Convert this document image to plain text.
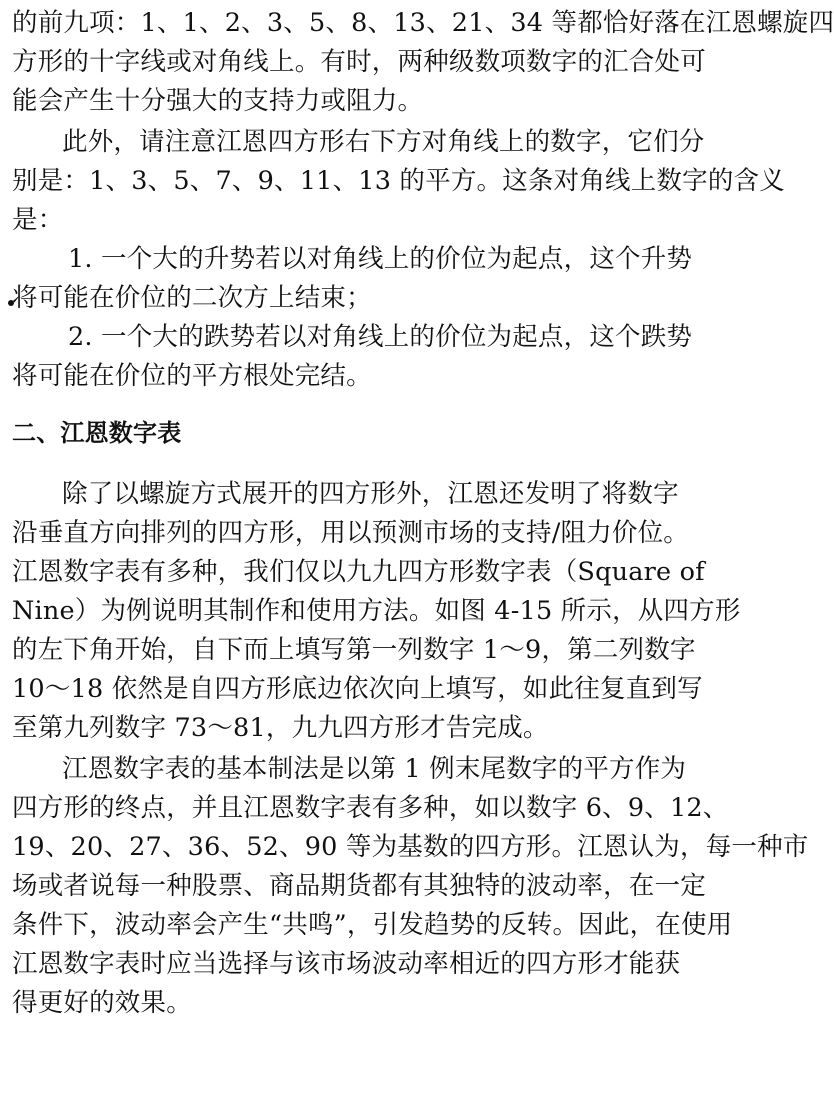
的前九项：1、1、2、3、5、8、13、21、34 等都恰好落在江恩螺旋四
方形的十字线或对角线上。有时，两种级数项数字的汇合处可
能会产生十分强大的支持力或阻力。
此外，请注意江恩四方形右下方对角线上的数字，它们分
别是：1、3、5、7、9、11、13 的平方。这条对角线上数字的含义
是：
1. 一个大的升势若以对角线上的价位为起点，这个升势
将可能在价位的二次方上结束；
2. 一个大的跌势若以对角线上的价位为起点，这个跌势
将可能在价位的平方根处完结。
二、江恩数字表
除了以螺旋方式展开的四方形外，江恩还发明了将数字
沿垂直方向排列的四方形，用以预测市场的支持/阻力价位。
江恩数字表有多种，我们仅以九九四方形数字表（Square of
Nine）为例说明其制作和使用方法。如图 4-15 所示，从四方形
的左下角开始，自下而上填写第一列数字 1～9，第二列数字
10～18 依然是自四方形底边依次向上填写，如此往复直到写
至第九列数字 73～81，九九四方形才告完成。
江恩数字表的基本制法是以第 1 例末尾数字的平方作为
四方形的终点，并且江恩数字表有多种，如以数字 6、9、12、
19、20、27、36、52、90 等为基数的四方形。江恩认为，每一种市
场或者说每一种股票、商品期货都有其独特的波动率，在一定
条件下，波动率会产生“共鸣”，引发趋势的反转。因此，在使用
江恩数字表时应当选择与该市场波动率相近的四方形才能获
得更好的效果。
